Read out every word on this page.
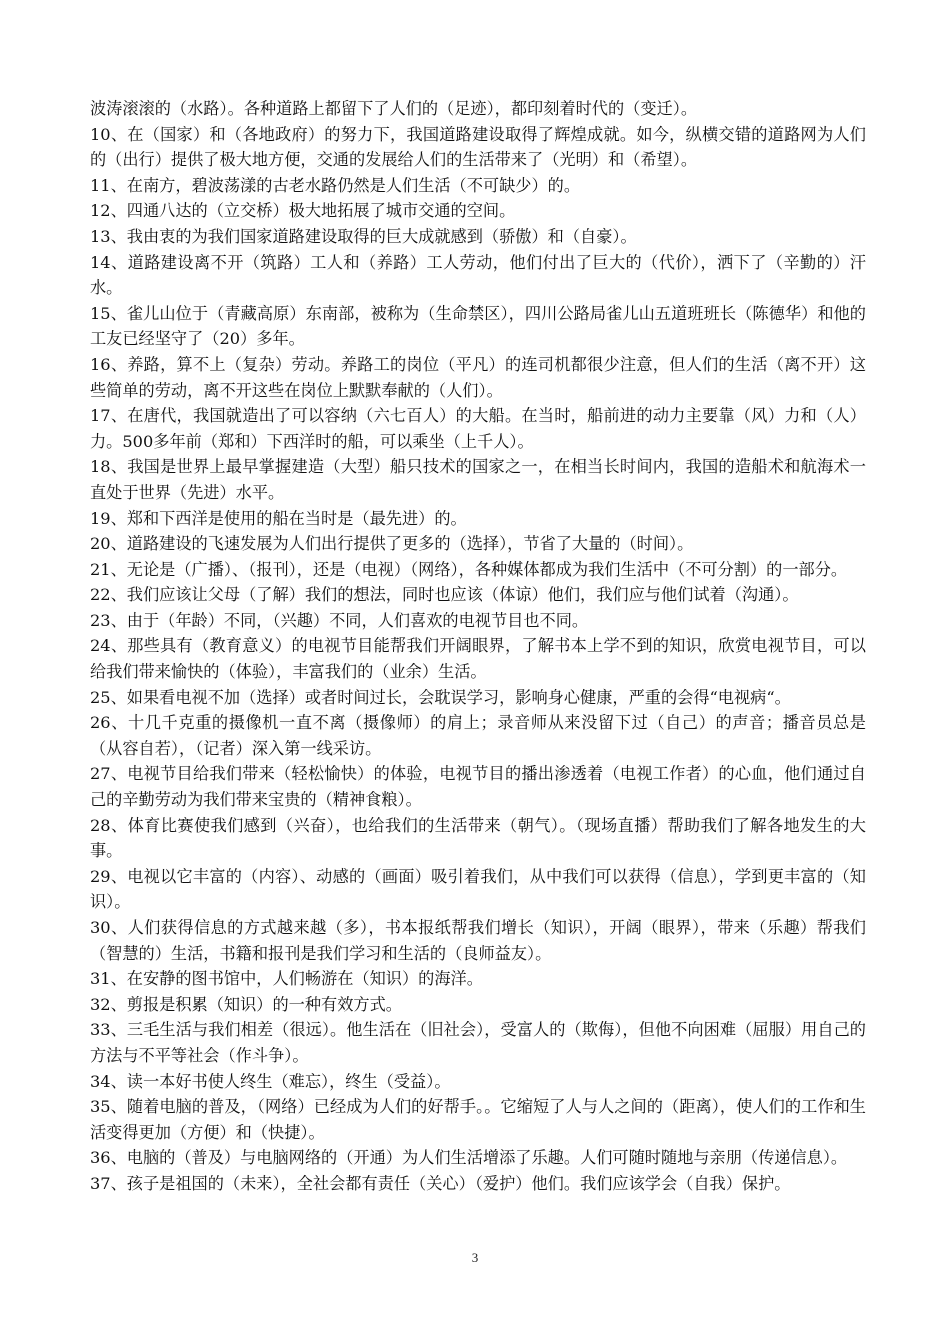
波涛滚滚的（水路）。各种道路上都留下了人们的（足迹），都印刻着时代的（变迁）。

10、在（国家）和（各地政府）的努力下，我国道路建设取得了辉煌成就。如今，纵横交错的道路网为人们的（出行）提供了极大地方便，交通的发展给人们的生活带来了（光明）和（希望）。

11、在南方，碧波荡漾的古老水路仍然是人们生活（不可缺少）的。

12、四通八达的（立交桥）极大地拓展了城市交通的空间。

13、我由衷的为我们国家道路建设取得的巨大成就感到（骄傲）和（自豪）。

14、道路建设离不开（筑路）工人和（养路）工人劳动，他们付出了巨大的（代价），洒下了（辛勤的）汗水。

15、雀儿山位于（青藏高原）东南部，被称为（生命禁区），四川公路局雀儿山五道班班长（陈德华）和他的工友已经坚守了（20）多年。

16、养路，算不上（复杂）劳动。养路工的岗位（平凡）的连司机都很少注意，但人们的生活（离不开）这些简单的劳动，离不开这些在岗位上默默奉献的（人们）。

17、在唐代，我国就造出了可以容纳（六七百人）的大船。在当时，船前进的动力主要靠（风）力和（人）力。500多年前（郑和）下西洋时的船，可以乘坐（上千人）。

18、我国是世界上最早掌握建造（大型）船只技术的国家之一，在相当长时间内，我国的造船术和航海术一直处于世界（先进）水平。

19、郑和下西洋是使用的船在当时是（最先进）的。

20、道路建设的飞速发展为人们出行提供了更多的（选择），节省了大量的（时间）。

21、无论是（广播）、（报刊），还是（电视）（网络），各种媒体都成为我们生活中（不可分割）的一部分。

22、我们应该让父母（了解）我们的想法，同时也应该（体谅）他们，我们应与他们试着（沟通）。

23、由于（年龄）不同，（兴趣）不同，人们喜欢的电视节目也不同。

24、那些具有（教育意义）的电视节目能帮我们开阔眼界，了解书本上学不到的知识，欣赏电视节目，可以给我们带来愉快的（体验），丰富我们的（业余）生活。

25、如果看电视不加（选择）或者时间过长，会耽误学习，影响身心健康，严重的会得“电视病“。

26、十几千克重的摄像机一直不离（摄像师）的肩上；录音师从来没留下过（自己）的声音；播音员总是（从容自若），（记者）深入第一线采访。

27、电视节目给我们带来（轻松愉快）的体验，电视节目的播出渗透着（电视工作者）的心血，他们通过自己的辛勤劳动为我们带来宝贵的（精神食粮）。

28、体育比赛使我们感到（兴奋），也给我们的生活带来（朝气）。（现场直播）帮助我们了解各地发生的大事。

29、电视以它丰富的（内容）、动感的（画面）吸引着我们，从中我们可以获得（信息），学到更丰富的（知识）。

30、人们获得信息的方式越来越（多），书本报纸帮我们增长（知识），开阔（眼界），带来（乐趣）帮我们（智慧的）生活，书籍和报刊是我们学习和生活的（良师益友）。

31、在安静的图书馆中，人们畅游在（知识）的海洋。

32、剪报是积累（知识）的一种有效方式。

33、三毛生活与我们相差（很远）。他生活在（旧社会），受富人的（欺侮），但他不向困难（屈服）用自己的方法与不平等社会（作斗争）。

34、读一本好书使人终生（难忘），终生（受益）。

35、随着电脑的普及，（网络）已经成为人们的好帮手。。它缩短了人与人之间的（距离），使人们的工作和生活变得更加（方便）和（快捷）。

36、电脑的（普及）与电脑网络的（开通）为人们生活增添了乐趣。人们可随时随地与亲朋（传递信息）。

37、孩子是祖国的（未来），全社会都有责任（关心）（爱护）他们。我们应该学会（自我）保护。

3
